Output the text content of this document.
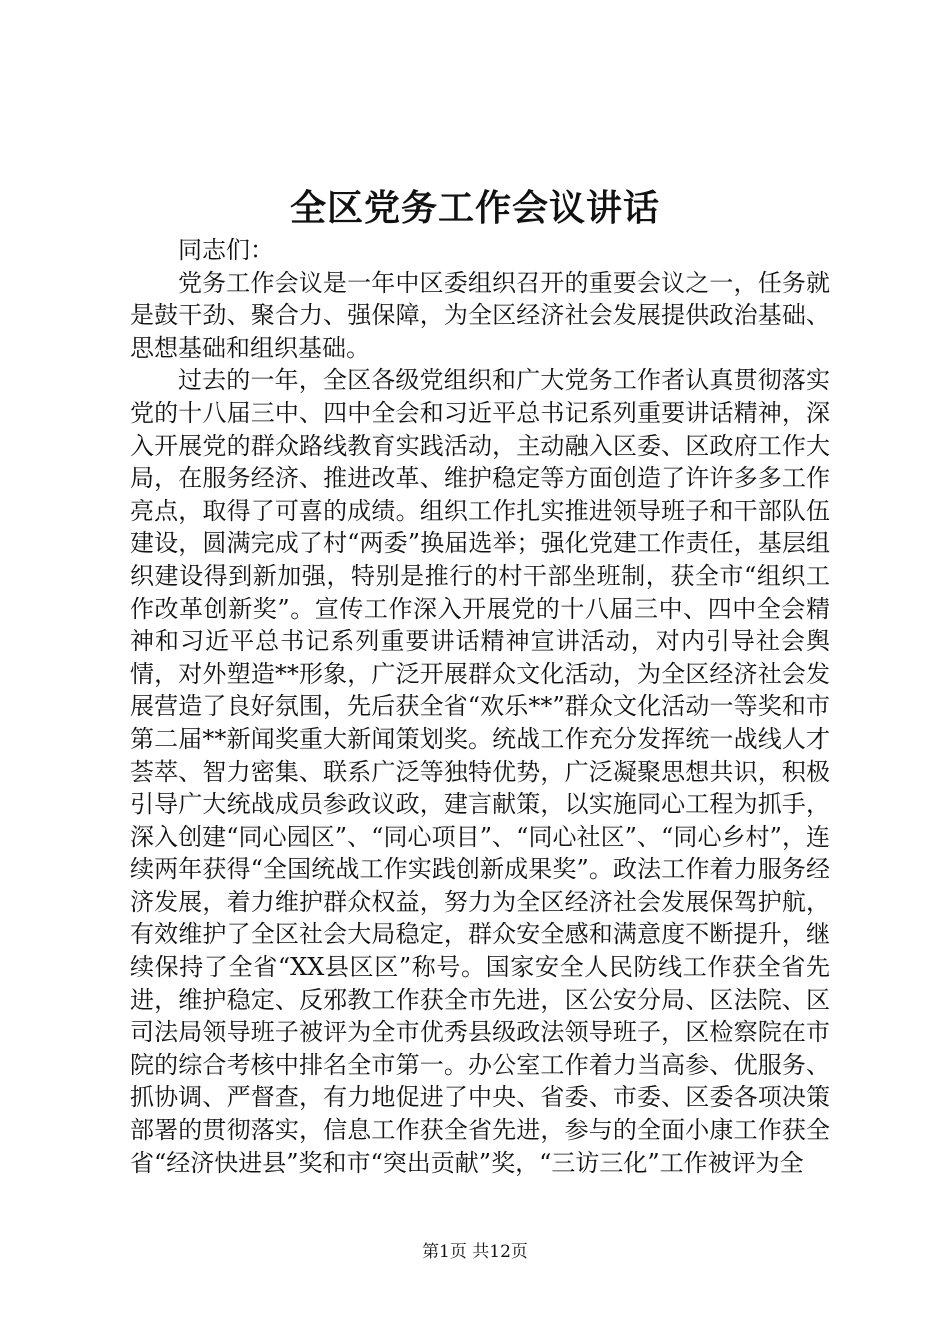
全区党务工作会议讲话

同志们：

党务工作会议是一年中区委组织召开的重要会议之一，任务就是鼓干劲、聚合力、强保障，为全区经济社会发展提供政治基础、思想基础和组织基础。

过去的一年，全区各级党组织和广大党务工作者认真贯彻落实党的十八届三中、四中全会和习近平总书记系列重要讲话精神，深入开展党的群众路线教育实践活动，主动融入区委、区政府工作大局，在服务经济、推进改革、维护稳定等方面创造了许许多多工作亮点，取得了可喜的成绩。组织工作扎实推进领导班子和干部队伍建设，圆满完成了村“两委”换届选举；强化党建工作责任，基层组织建设得到新加强，特别是推行的村干部坐班制，获全市“组织工作改革创新奖”。宣传工作深入开展党的十八届三中、四中全会精神和习近平总书记系列重要讲话精神宣讲活动，对内引导社会舆情，对外塑造**形象，广泛开展群众文化活动，为全区经济社会发展营造了良好氛围，先后获全省“欢乐**”群众文化活动一等奖和市第二届**新闻奖重大新闻策划奖。统战工作充分发挥统一战线人才荟萃、智力密集、联系广泛等独特优势，广泛凝聚思想共识，积极引导广大统战成员参政议政，建言献策，以实施同心工程为抓手，深入创建“同心园区”、“同心项目”、“同心社区”、“同心乡村”，连续两年获得“全国统战工作实践创新成果奖”。政法工作着力服务经济发展，着力维护群众权益，努力为全区经济社会发展保驾护航，有效维护了全区社会大局稳定，群众安全感和满意度不断提升，继续保持了全省“XX县区区”称号。国家安全人民防线工作获全省先进，维护稳定、反邪教工作获全市先进，区公安分局、区法院、区司法局领导班子被评为全市优秀县级政法领导班子，区检察院在市院的综合考核中排名全市第一。办公室工作着力当高参、优服务、抓协调、严督查，有力地促进了中央、省委、市委、区委各项决策部署的贯彻落实，信息工作获全省先进，参与的全面小康工作获全省“经济快进县”奖和市“突出贡献”奖，“三访三化”工作被评为全

第1页 共12页
